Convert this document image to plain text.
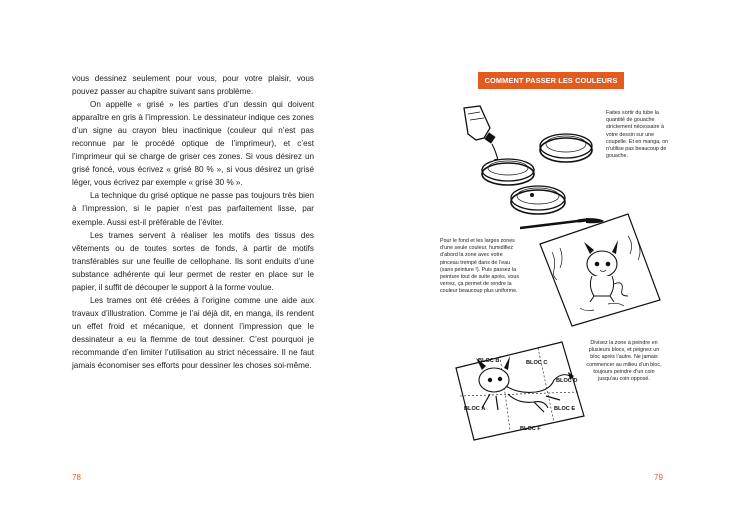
vous dessinez seulement pour vous, pour votre plaisir, vous pouvez passer au chapitre suivant sans problème.

On appelle « grisé » les parties d’un dessin qui doivent apparaître en gris à l’impression. Le dessinateur indique ces zones d’un signe au crayon bleu inactinique (couleur qui n’est pas reconnue par le procédé optique de l’imprimeur), et c’est l’imprimeur qui se charge de griser ces zones. Si vous désirez un grisé foncé, vous écrivez « grisé 80 % », si vous désirez un grisé léger, vous écrivez par exemple « grisé 30 % ».

La technique du grisé optique ne passe pas toujours très bien à l’impression, si le papier n’est pas parfaitement lisse, par exemple. Aussi est-il préférable de l’éviter.

Les trames servent à réaliser les motifs des tissus des vêtements ou de toutes sortes de fonds, à partir de motifs transférables sur une feuille de cellophane. Ils sont enduits d’une substance adhérente qui leur permet de rester en place sur le papier, il suffit de découper le support à la forme voulue.

Les trames ont été créées à l’origine comme une aide aux travaux d’illustration. Comme je l’ai déjà dit, en manga, ils rendent un effet froid et mécanique, et donnent l’impression que le dessinateur a eu la flemme de tout dessiner. C’est pourquoi je recommande d’en limiter l’utilisation au strict nécessaire. Il ne faut jamais économiser ses efforts pour dessiner les choses soi-même.

78
COMMENT PASSER LES COULEURS

Faites sortir du tube la quantité de gouache strictement nécessaire à votre dessin sur une coupelle. Et en manga, on n’utilise pas beaucoup de gouache.

Pour le fond et les larges zones d’une seule couleur, humidifiez d’abord la zone avec votre pinceau trempé dans de l’eau (sans peinture !). Puis passez la peinture tout de suite après, vous verrez, ça permet de rendre la couleur beaucoup plus uniforme.

BLOC B	BLOC C
BLOC D
BLOC A	BLOC E
BLOC F

Divisez la zone à peindre en plusieurs blocs, et peignez un bloc après l’autre. Ne jamais commencer au milieu d’un bloc, toujours peindre d’un coin jusqu’au coin opposé.

79
